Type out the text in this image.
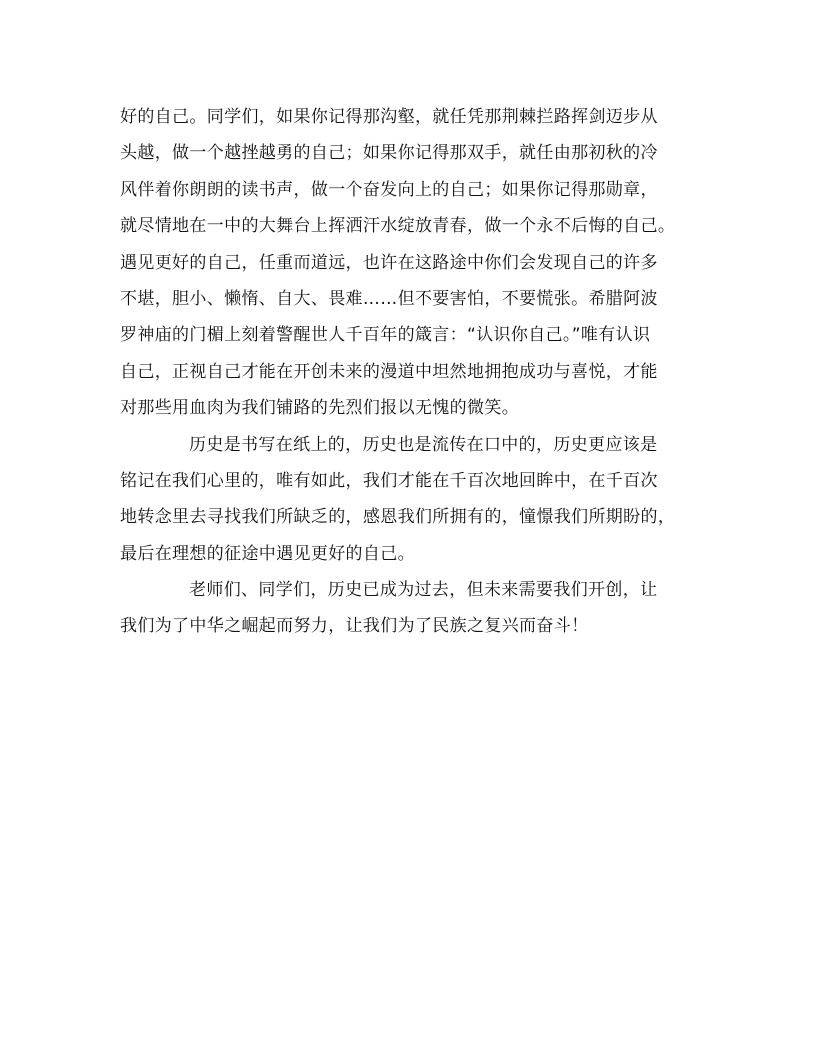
好的自己。同学们，如果你记得那沟壑，就任凭那荆棘拦路挥剑迈步从
头越，做一个越挫越勇的自己；如果你记得那双手，就任由那初秋的冷
风伴着你朗朗的读书声，做一个奋发向上的自己；如果你记得那勋章，
就尽情地在一中的大舞台上挥洒汗水绽放青春，做一个永不后悔的自己。
遇见更好的自己，任重而道远，也许在这路途中你们会发现自己的许多
不堪，胆小、懒惰、自大、畏难……但不要害怕，不要慌张。希腊阿波
罗神庙的门楣上刻着警醒世人千百年的箴言：“认识你自己。”唯有认识
自己，正视自己才能在开创未来的漫道中坦然地拥抱成功与喜悦，才能
对那些用血肉为我们铺路的先烈们报以无愧的微笑。
历史是书写在纸上的，历史也是流传在口中的，历史更应该是
铭记在我们心里的，唯有如此，我们才能在千百次地回眸中，在千百次
地转念里去寻找我们所缺乏的，感恩我们所拥有的，憧憬我们所期盼的，
最后在理想的征途中遇见更好的自己。
老师们、同学们，历史已成为过去，但未来需要我们开创，让
我们为了中华之崛起而努力，让我们为了民族之复兴而奋斗！
